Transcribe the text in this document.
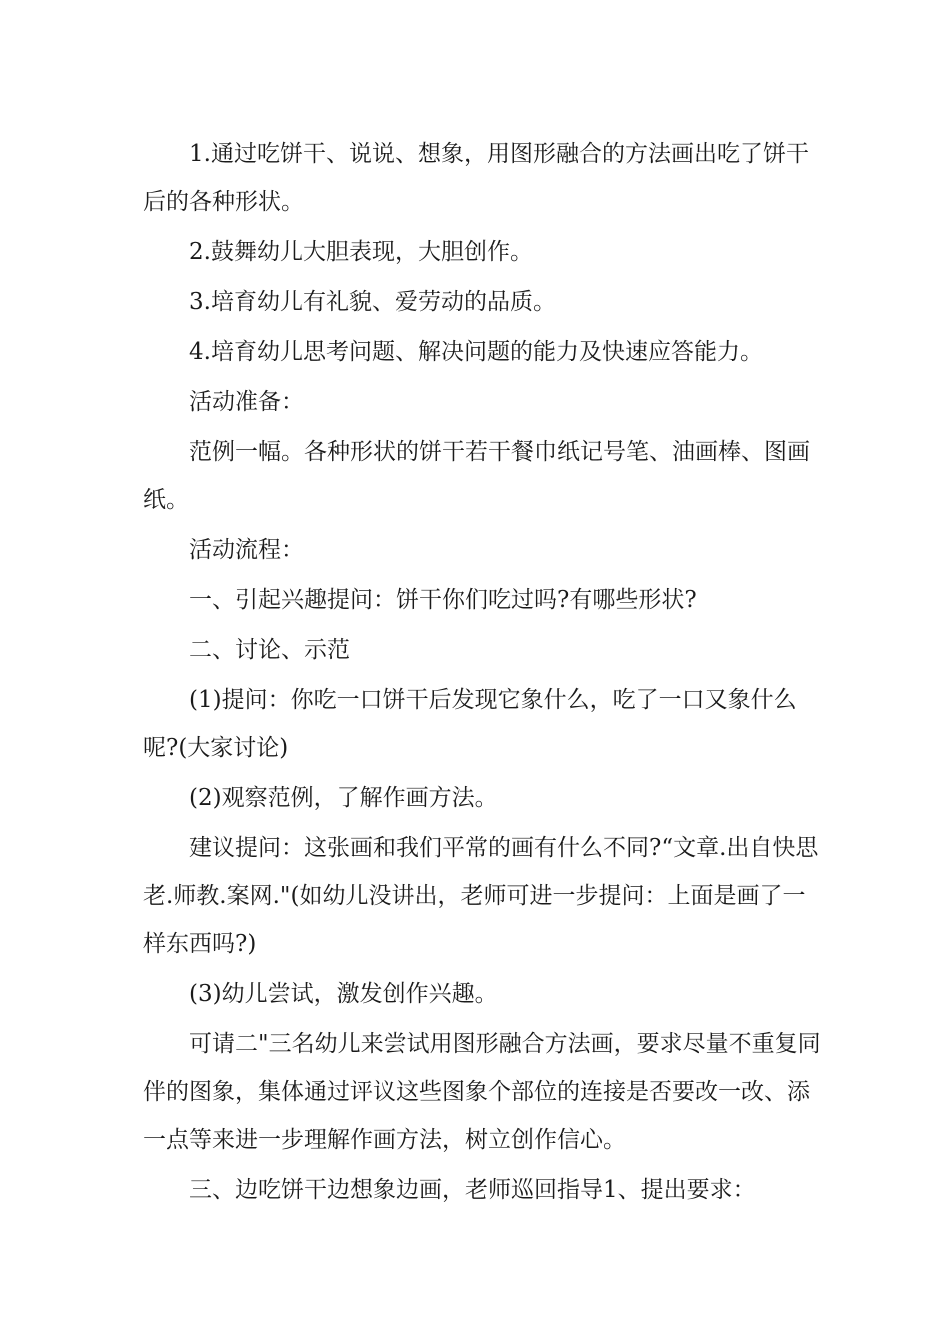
1.通过吃饼干、说说、想象，用图形融合的方法画出吃了饼干后的各种形状。

2.鼓舞幼儿大胆表现，大胆创作。

3.培育幼儿有礼貌、爱劳动的品质。

4.培育幼儿思考问题、解决问题的能力及快速应答能力。

活动准备：

范例一幅。各种形状的饼干若干餐巾纸记号笔、油画棒、图画纸。

活动流程：

一、引起兴趣提问：饼干你们吃过吗?有哪些形状?

二、讨论、示范

(1)提问：你吃一口饼干后发现它象什么，吃了一口又象什么呢?(大家讨论)

(2)观察范例，了解作画方法。

建议提问：这张画和我们平常的画有什么不同?“文章.出自快思老.师教.案网."(如幼儿没讲出，老师可进一步提问：上面是画了一样东西吗?)

(3)幼儿尝试，激发创作兴趣。

可请二"三名幼儿来尝试用图形融合方法画，要求尽量不重复同伴的图象，集体通过评议这些图象个部位的连接是否要改一改、添一点等来进一步理解作画方法，树立创作信心。

三、边吃饼干边想象边画，老师巡回指导1、提出要求：
